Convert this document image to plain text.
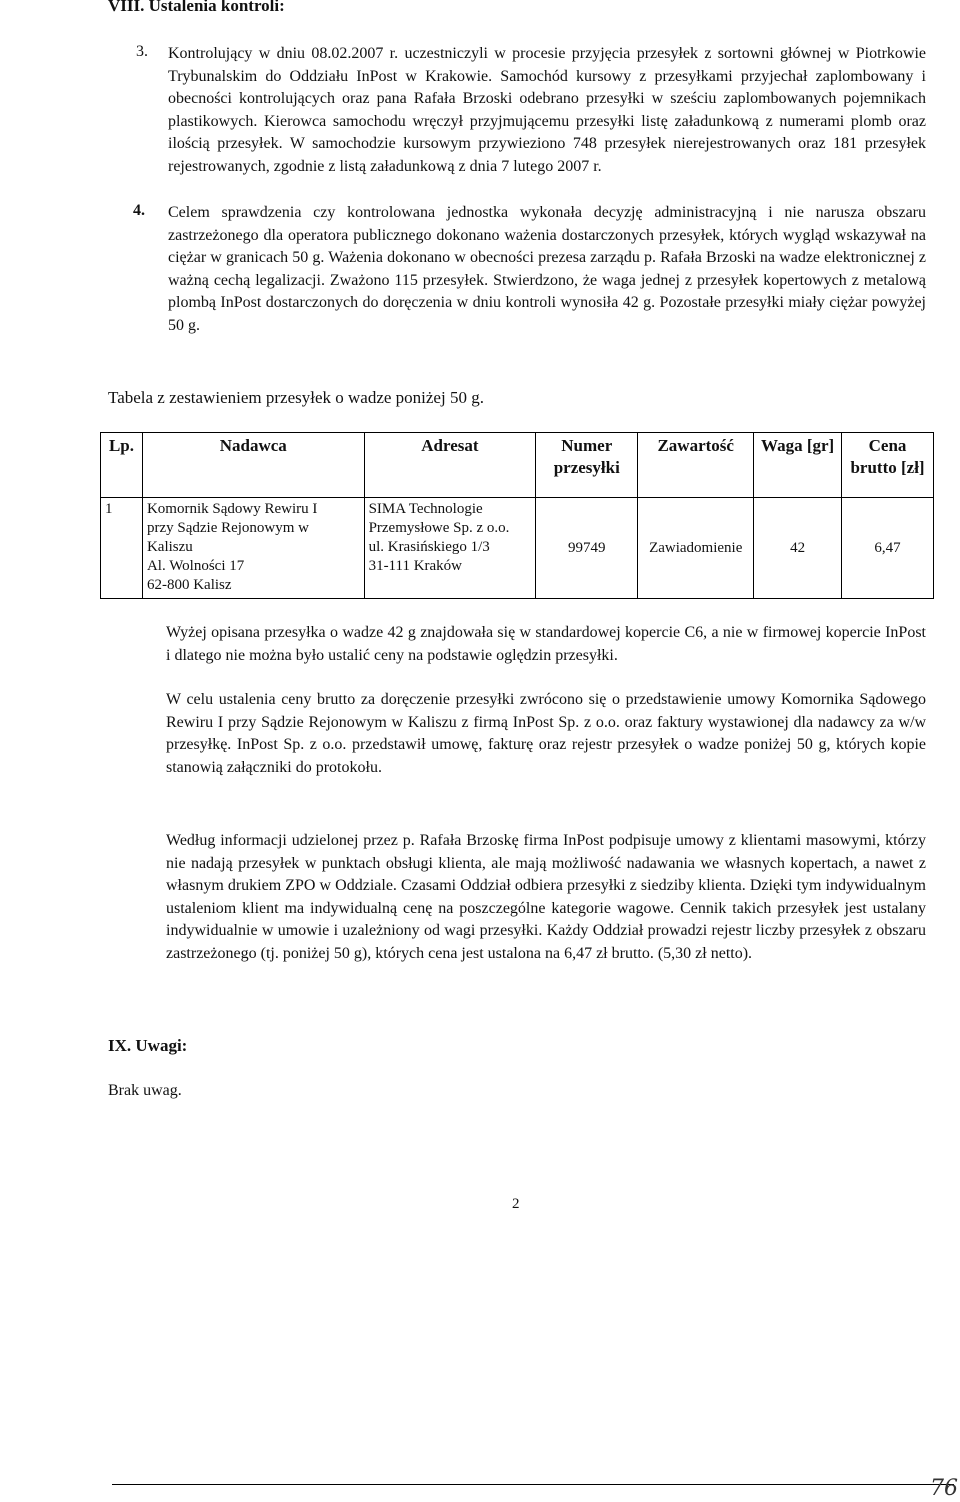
VIII. Ustalenia kontroli:
3. Kontrolujący w dniu 08.02.2007 r. uczestniczyli w procesie przyjęcia przesyłek z sortowni głównej w Piotrkowie Trybunalskim do Oddziału InPost w Krakowie. Samochód kursowy z przesyłkami przyjechał zaplombowany i obecności kontrolujących oraz pana Rafała Brzoski odebrano przesyłki w sześciu zaplombowanych pojemnikach plastikowych. Kierowca samochodu wręczył przyjmującemu przesyłki listę załadunkową z numerami plomb oraz ilością przesyłek. W samochodzie kursowym przywieziono 748 przesyłek nierejestrowanych oraz 181 przesyłek rejestrowanych, zgodnie z listą załadunkową z dnia 7 lutego 2007 r.
4. Celem sprawdzenia czy kontrolowana jednostka wykonała decyzję administracyjną i nie narusza obszaru zastrzeżonego dla operatora publicznego dokonano ważenia dostarczonych przesyłek, których wygląd wskazywał na ciężar w granicach 50 g. Ważenia dokonano w obecności prezesa zarządu p. Rafała Brzoski na wadze elektronicznej z ważną cechą legalizacji. Zważono 115 przesyłek. Stwierdzono, że waga jednej z przesyłek kopertowych z metalową plombą InPost dostarczonych do doręczenia w dniu kontroli wynosiła 42 g. Pozostałe przesyłki miały ciężar powyżej 50 g.
Tabela z zestawieniem przesyłek o wadze poniżej 50 g.
Lp.	Nadawca	Adresat	Numer przesyłki	Zawartość	Waga [gr]	Cena brutto [zł]
1	Komornik Sądowy Rewiru I
przy Sądzie Rejonowym w
Kaliszu
Al. Wolności 17
62-800 Kalisz	SIMA Technologie
Przemysłowe Sp. z o.o.
ul. Krasińskiego 1/3
31-111 Kraków	99749	Zawiadomienie	42	6,47
Wyżej opisana przesyłka o wadze 42 g znajdowała się w standardowej kopercie C6, a nie w firmowej kopercie InPost i dlatego nie można było ustalić ceny na podstawie oględzin przesyłki.
W celu ustalenia ceny brutto za doręczenie przesyłki zwrócono się o przedstawienie umowy Komornika Sądowego Rewiru I przy Sądzie Rejonowym w Kaliszu z firmą InPost Sp. z o.o. oraz faktury wystawionej dla nadawcy za w/w przesyłkę. InPost Sp. z o.o. przedstawił umowę, fakturę oraz rejestr przesyłek o wadze poniżej 50 g, których kopie stanowią załączniki do protokołu.
Według informacji udzielonej przez p. Rafała Brzoskę firma InPost podpisuje umowy z klientami masowymi, którzy nie nadają przesyłek w punktach obsługi klienta, ale mają możliwość nadawania we własnych kopertach, a nawet z własnym drukiem ZPO w Oddziale. Czasami Oddział odbiera przesyłki z siedziby klienta. Dzięki tym indywidualnym ustaleniom klient ma indywidualną cenę na poszczególne kategorie wagowe. Cennik takich przesyłek jest ustalany indywidualnie w umowie i uzależniony od wagi przesyłki. Każdy Oddział prowadzi rejestr liczby przesyłek z obszaru zastrzeżonego (tj. poniżej 50 g), których cena jest ustalona na 6,47 zł brutto. (5,30 zł netto).
IX. Uwagi:
Brak uwag.
2
76
